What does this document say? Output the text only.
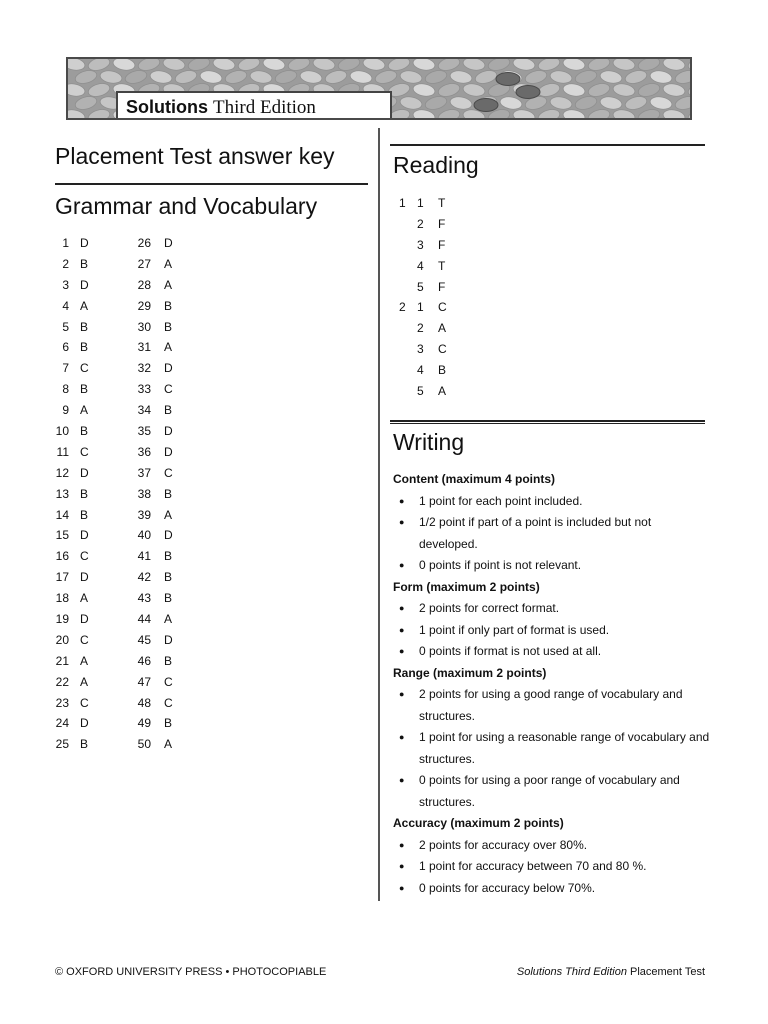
Solutions Third Edition
Placement Test answer key
Grammar and Vocabulary
1 D	26 D
2 B	27 A
3 D	28 A
4 A	29 B
5 B	30 B
6 B	31 A
7 C	32 D
8 B	33 C
9 A	34 B
10 B	35 D
11 C	36 D
12 D	37 C
13 B	38 B
14 B	39 A
15 D	40 D
16 C	41 B
17 D	42 B
18 A	43 B
19 D	44 A
20 C	45 D
21 A	46 B
22 A	47 C
23 C	48 C
24 D	49 B
25 B	50 A
Reading
1 1 T
2 F
3 F
4 T
5 F
2 1 C
2 A
3 C
4 B
5 A
Writing
Content (maximum 4 points)
● 1 point for each point included.
● 1/2 point if part of a point is included but not developed.
● 0 points if point is not relevant.
Form (maximum 2 points)
● 2 points for correct format.
● 1 point if only part of format is used.
● 0 points if format is not used at all.
Range (maximum 2 points)
● 2 points for using a good range of vocabulary and structures.
● 1 point for using a reasonable range of vocabulary and structures.
● 0 points for using a poor range of vocabulary and structures.
Accuracy (maximum 2 points)
● 2 points for accuracy over 80%.
● 1 point for accuracy between 70 and 80 %.
● 0 points for accuracy below 70%.
© OXFORD UNIVERSITY PRESS • PHOTOCOPIABLE	Solutions Third Edition Placement Test
